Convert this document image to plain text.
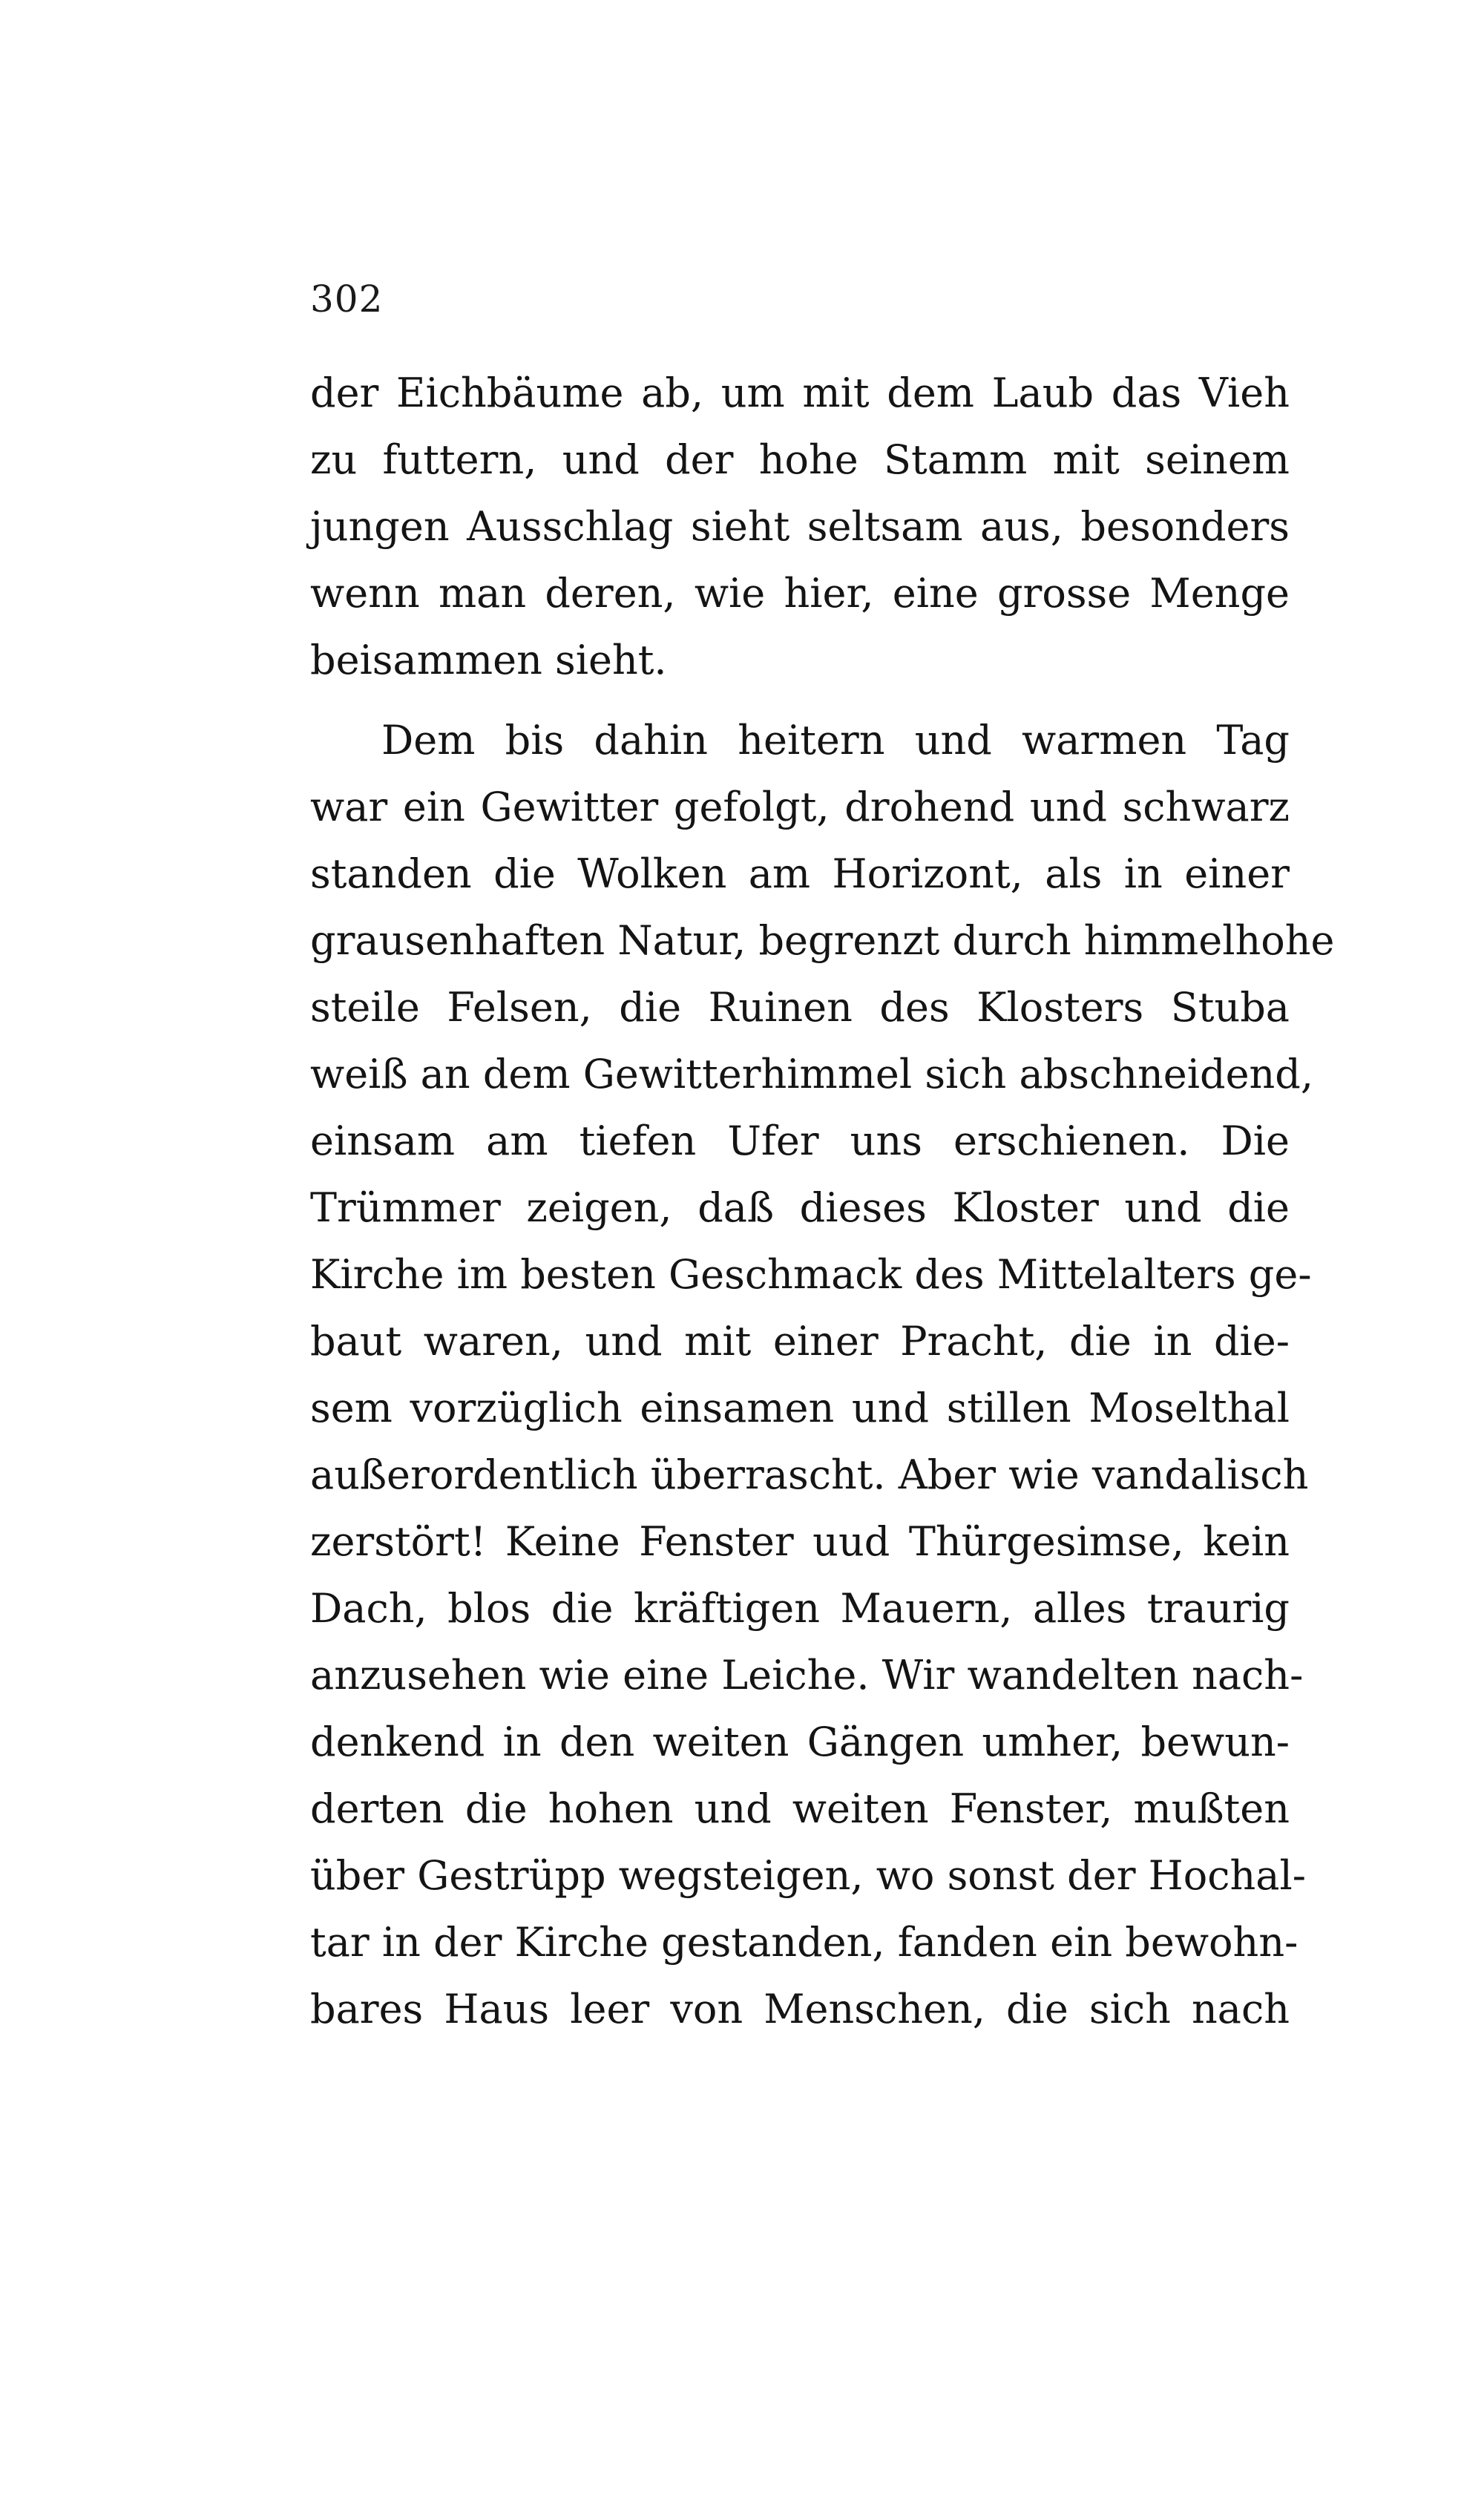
302
der Eichbäume ab, um mit dem Laub das Vieh
zu futtern, und der hohe Stamm mit seinem
jungen Ausschlag sieht seltsam aus, besonders
wenn man deren, wie hier, eine grosse Menge
beisammen sieht.
Dem bis dahin heitern und warmen Tag
war ein Gewitter gefolgt, drohend und schwarz
standen die Wolken am Horizont, als in einer
grausenhaften Natur, begrenzt durch himmelhohe
steile Felsen, die Ruinen des Klosters Stuba
weiß an dem Gewitterhimmel sich abschneidend,
einsam am tiefen Ufer uns erschienen. Die
Trümmer zeigen, daß dieses Kloster und die
Kirche im besten Geschmack des Mittelalters ge-
baut waren, und mit einer Pracht, die in die-
sem vorzüglich einsamen und stillen Moselthal
außerordentlich überrascht. Aber wie vandalisch
zerstört! Keine Fenster uud Thürgesimse, kein
Dach, blos die kräftigen Mauern, alles traurig
anzusehen wie eine Leiche. Wir wandelten nach-
denkend in den weiten Gängen umher, bewun-
derten die hohen und weiten Fenster, mußten
über Gestrüpp wegsteigen, wo sonst der Hochal-
tar in der Kirche gestanden, fanden ein bewohn-
bares Haus leer von Menschen, die sich nach
